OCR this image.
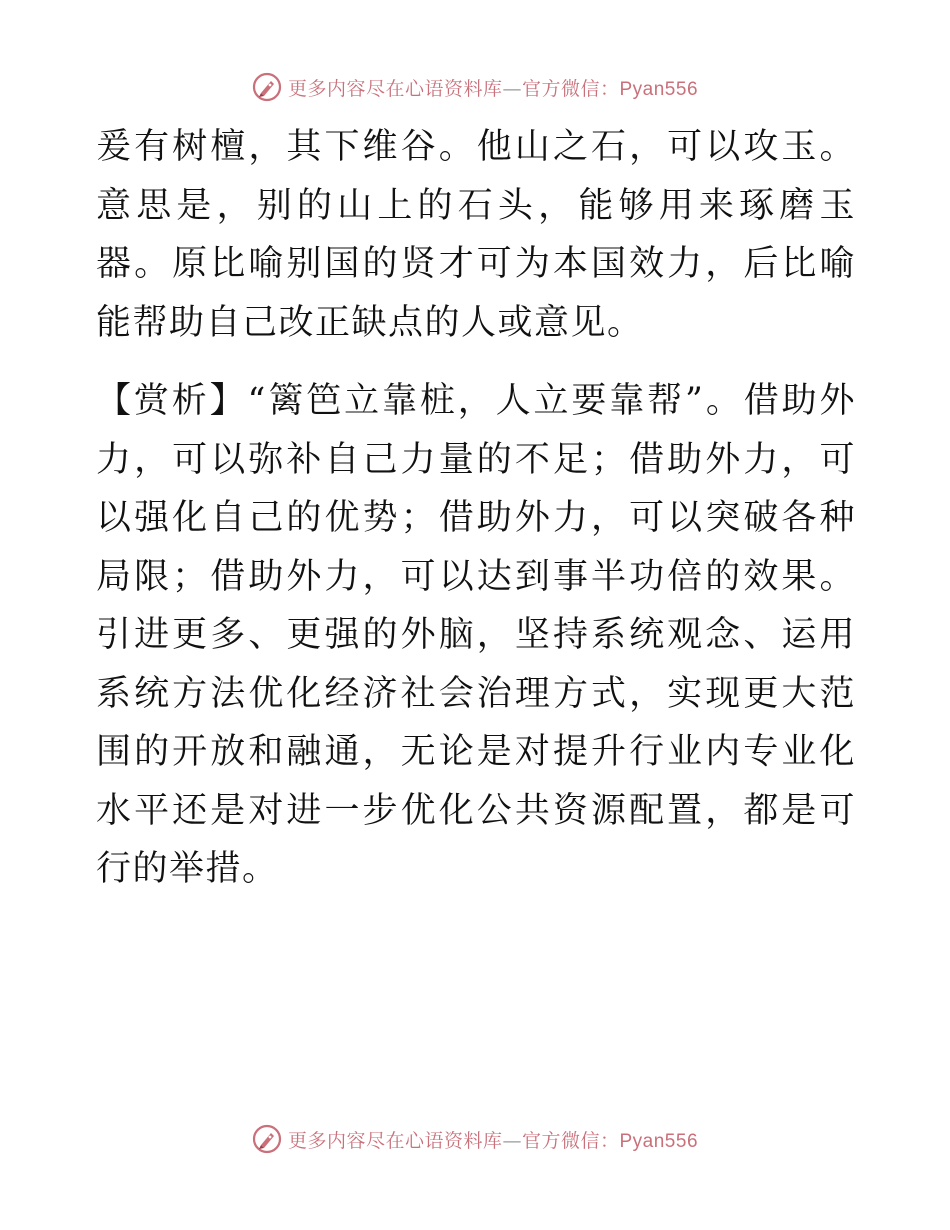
更多内容尽在心语资料库—官方微信：Pyan556

爰有树檀，其下维谷。他山之石，可以攻玉。意思是，别的山上的石头，能够用来琢磨玉器。原比喻别国的贤才可为本国效力，后比喻能帮助自己改正缺点的人或意见。

【赏析】“篱笆立靠桩，人立要靠帮”。借助外力，可以弥补自己力量的不足；借助外力，可以强化自己的优势；借助外力，可以突破各种局限；借助外力，可以达到事半功倍的效果。引进更多、更强的外脑，坚持系统观念、运用系统方法优化经济社会治理方式，实现更大范围的开放和融通，无论是对提升行业内专业化水平还是对进一步优化公共资源配置，都是可行的举措。

更多内容尽在心语资料库—官方微信：Pyan556
